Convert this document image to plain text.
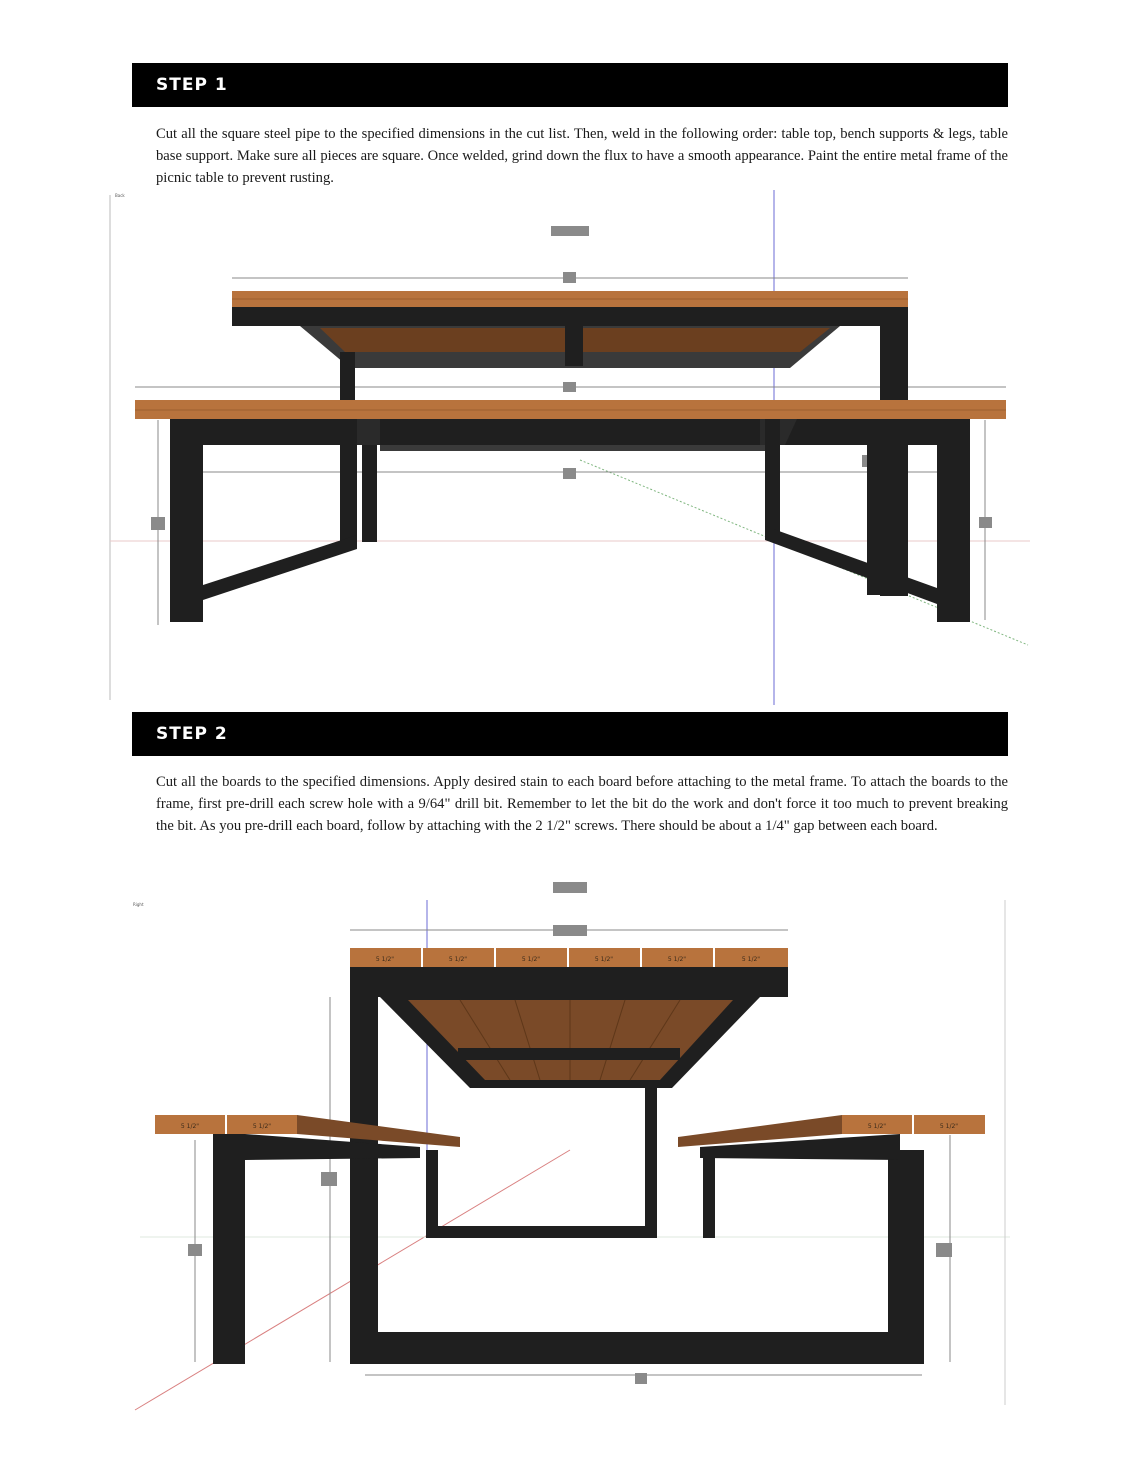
STEP 1

Cut all the square steel pipe to the specified dimensions in the cut list. Then, weld in the following order: table top, bench supports & legs, table base support. Make sure all pieces are square. Once welded, grind down the flux to have a smooth appearance. Paint the entire metal frame of the picnic table to prevent rusting.

Back
STEP 2

Cut all the boards to the specified dimensions. Apply desired stain to each board before attaching to the metal frame. To attach the boards to the frame, first pre-drill each screw hole with a 9/64" drill bit. Remember to let the bit do the work and don't force it too much to prevent breaking the bit. As you pre-drill each board, follow by attaching with the 2 1/2" screws. There should be about a 1/4" gap between each board.

Right
5 1/2"	5 1/2"	5 1/2"	5 1/2"	5 1/2"	5 1/2"
5 1/2"	5 1/2"	5 1/2"	5 1/2"
